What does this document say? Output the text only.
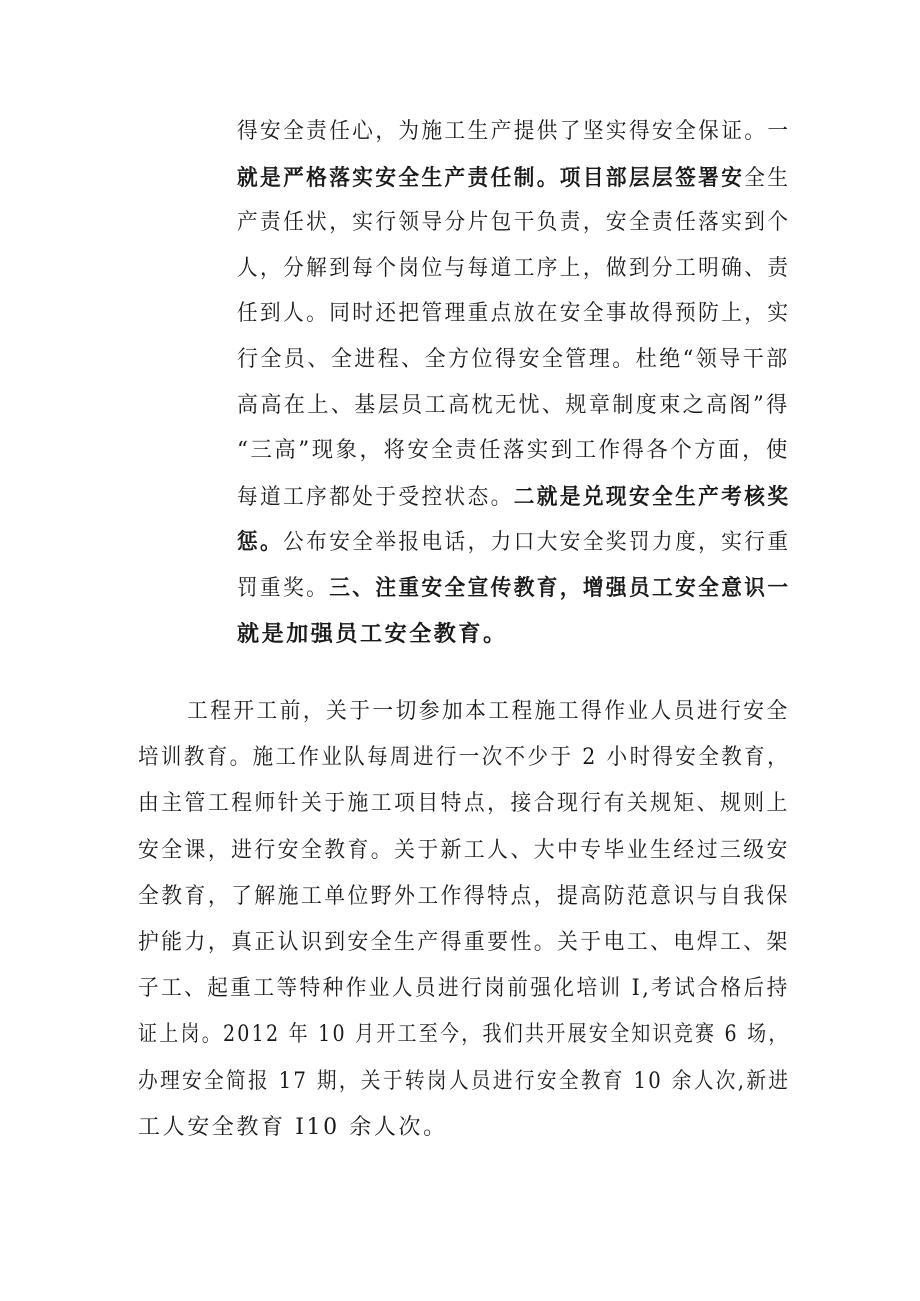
得安全责任心，为施工生产提供了坚实得安全保证。一
就是严格落实安全生产责任制。项目部层层签署安全生
产责任状，实行领导分片包干负责，安全责任落实到个
人，分解到每个岗位与每道工序上，做到分工明确、责
任到人。同时还把管理重点放在安全事故得预防上，实
行全员、全进程、全方位得安全管理。杜绝“领导干部
高高在上、基层员工高枕无忧、规章制度束之高阁”得
“三高”现象，将安全责任落实到工作得各个方面，使
每道工序都处于受控状态。二就是兑现安全生产考核奖
惩。公布安全举报电话，力口大安全奖罚力度，实行重
罚重奖。三、注重安全宣传教育，增强员工安全意识一
就是加强员工安全教育。
工程开工前，关于一切参加本工程施工得作业人员进行安全
培训教育。施工作业队每周进行一次不少于 2 小时得安全教育，
由主管工程师针关于施工项目特点，接合现行有关规矩、规则上
安全课，进行安全教育。关于新工人、大中专毕业生经过三级安
全教育，了解施工单位野外工作得特点，提高防范意识与自我保
护能力，真正认识到安全生产得重要性。关于电工、电焊工、架
子工、起重工等特种作业人员进行岗前强化培训 I,考试合格后持
证上岗。2012 年 10 月开工至今，我们共开展安全知识竞赛 6 场，
办理安全简报 17 期，关于转岗人员进行安全教育 10 余人次,新进
工人安全教育 I10 余人次。
